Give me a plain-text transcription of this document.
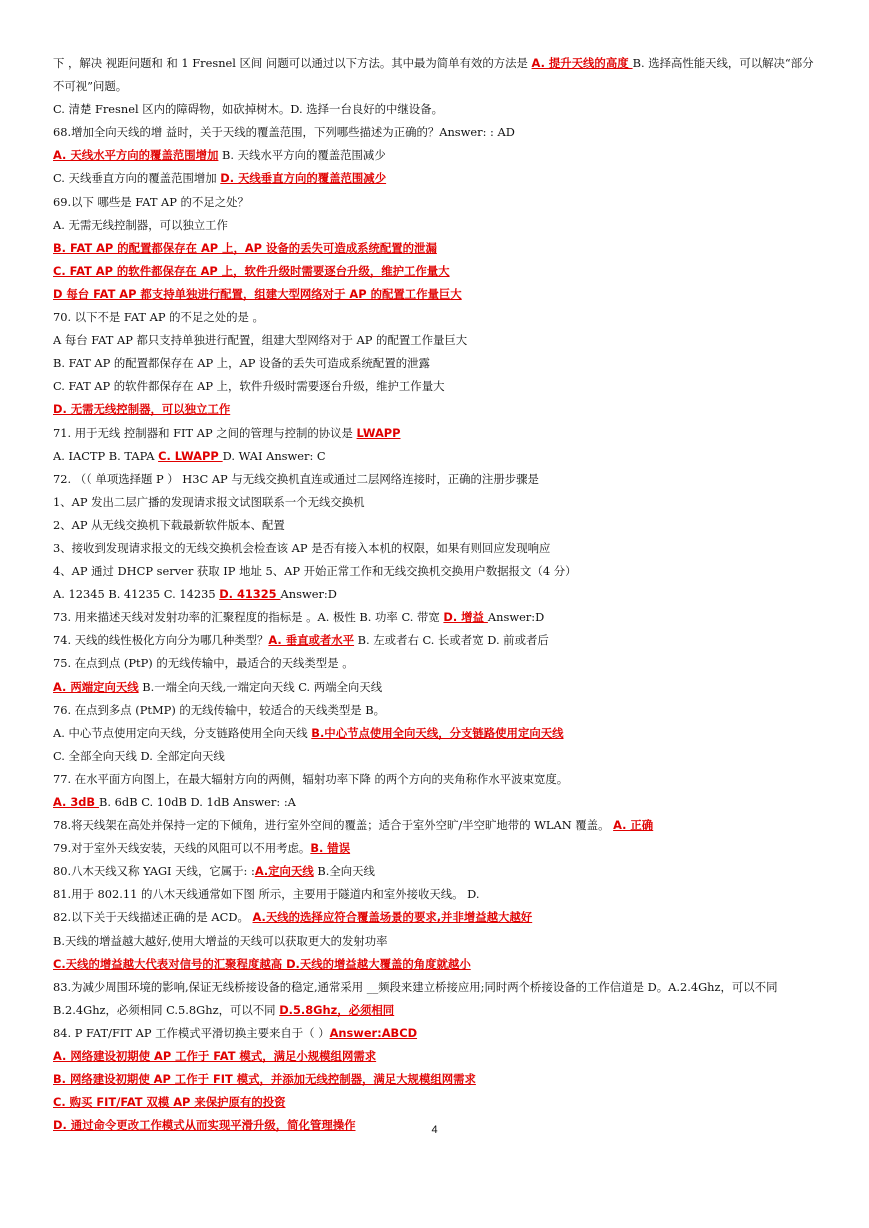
下 ，解决 视距问题和 和 1 Fresnel 区间 问题可以通过以下方法。其中最为简单有效的方法是 A. 提升天线的高度 B. 选择高性能天线，可以解决“部分不可视”问题。
C. 清楚 Fresnel 区内的障碍物，如砍掉树木。D. 选择一台良好的中继设备。
68.增加全向天线的增 益时，关于天线的覆盖范围，下列哪些描述为正确的？Answer: : AD
A. 天线水平方向的覆盖范围增加 B. 天线水平方向的覆盖范围减少
C. 天线垂直方向的覆盖范围增加 D. 天线垂直方向的覆盖范围减少
69.以下 哪些是 FAT AP 的不足之处？
A. 无需无线控制器，可以独立工作
B. FAT AP 的配置都保存在 AP 上，AP 设备的丢失可造成系统配置的泄漏
C. FAT AP 的软件都保存在 AP 上，软件升级时需要逐台升级，维护工作量大
D 每台 FAT AP 都支持单独进行配置，组建大型网络对于 AP 的配置工作量巨大
70. 以下不是 FAT AP 的不足之处的是 。
A 每台 FAT AP 都只支持单独进行配置，组建大型网络对于 AP 的配置工作量巨大
B. FAT AP 的配置都保存在 AP 上，AP 设备的丢失可造成系统配置的泄露
C. FAT AP 的软件都保存在 AP 上，软件升级时需要逐台升级，维护工作量大
D. 无需无线控制器，可以独立工作
71. 用于无线 控制器和 FIT AP 之间的管理与控制的协议是 LWAPP
A. IACTP B. TAPA C. LWAPP D. WAI Answer: C
72. （（ 单项选择题 P ） H3C AP 与无线交换机直连或通过二层网络连接时，正确的注册步骤是
1、AP 发出二层广播的发现请求报文试图联系一个无线交换机
2、AP 从无线交换机下载最新软件版本、配置
3、接收到发现请求报文的无线交换机会检查该 AP 是否有接入本机的权限，如果有则回应发现响应
4、AP 通过 DHCP server 获取 IP 地址 5、AP 开始正常工作和无线交换机交换用户数据报文（4 分）
A. 12345 B. 41235 C. 14235 D. 41325 Answer:D
73. 用来描述天线对发射功率的汇聚程度的指标是 。A. 极性 B. 功率 C. 带宽 D. 增益 Answer:D
74. 天线的线性极化方向分为哪几种类型？A. 垂直或者水平 B. 左或者右 C. 长或者宽 D. 前或者后
75. 在点到点 (PtP) 的无线传输中，最适合的天线类型是 。
A. 两端定向天线 B.一端全向天线,一端定向天线 C. 两端全向天线
76. 在点到多点 (PtMP) 的无线传输中，较适合的天线类型是 B。
A. 中心节点使用定向天线，分支链路使用全向天线 B.中心节点使用全向天线，分支链路使用定向天线
C. 全部全向天线 D. 全部定向天线
77. 在水平面方向图上，在最大辐射方向的两侧，辐射功率下降 的两个方向的夹角称作水平波束宽度。
A. 3dB B. 6dB C. 10dB D. 1dB Answer: :A
78.将天线架在高处并保持一定的下倾角，进行室外空间的覆盖；适合于室外空旷/半空旷地带的 WLAN 覆盖。 A. 正确
79.对于室外天线安装，天线的风阻可以不用考虑。B. 错误
80.八木天线又称 YAGI 天线，它属于: :A.定向天线 B.全向天线
81.用于 802.11 的八木天线通常如下图 所示，主要用于隧道内和室外接收天线。 D.
82.以下关于天线描述正确的是 ACD。 A.天线的选择应符合覆盖场景的要求,并非增益越大越好
B.天线的增益越大越好,使用大增益的天线可以获取更大的发射功率
C.天线的增益越大代表对信号的汇聚程度越高 D.天线的增益越大覆盖的角度就越小
83.为减少周围环境的影响,保证无线桥接设备的稳定,通常采用 __频段来建立桥接应用;同时两个桥接设备的工作信道是 D。A.2.4Ghz，可以不同 B.2.4Ghz，必须相同 C.5.8Ghz，可以不同 D.5.8Ghz，必须相同
84. P FAT/FIT AP 工作模式平滑切换主要来自于（ ）Answer:ABCD
A. 网络建设初期使 AP 工作于 FAT 模式，满足小规模组网需求
B. 网络建设初期使 AP 工作于 FIT 模式，并添加无线控制器，满足大规模组网需求
C. 购买 FIT/FAT 双模 AP 来保护原有的投资
D. 通过命令更改工作模式从而实现平滑升级，简化管理操作	4
